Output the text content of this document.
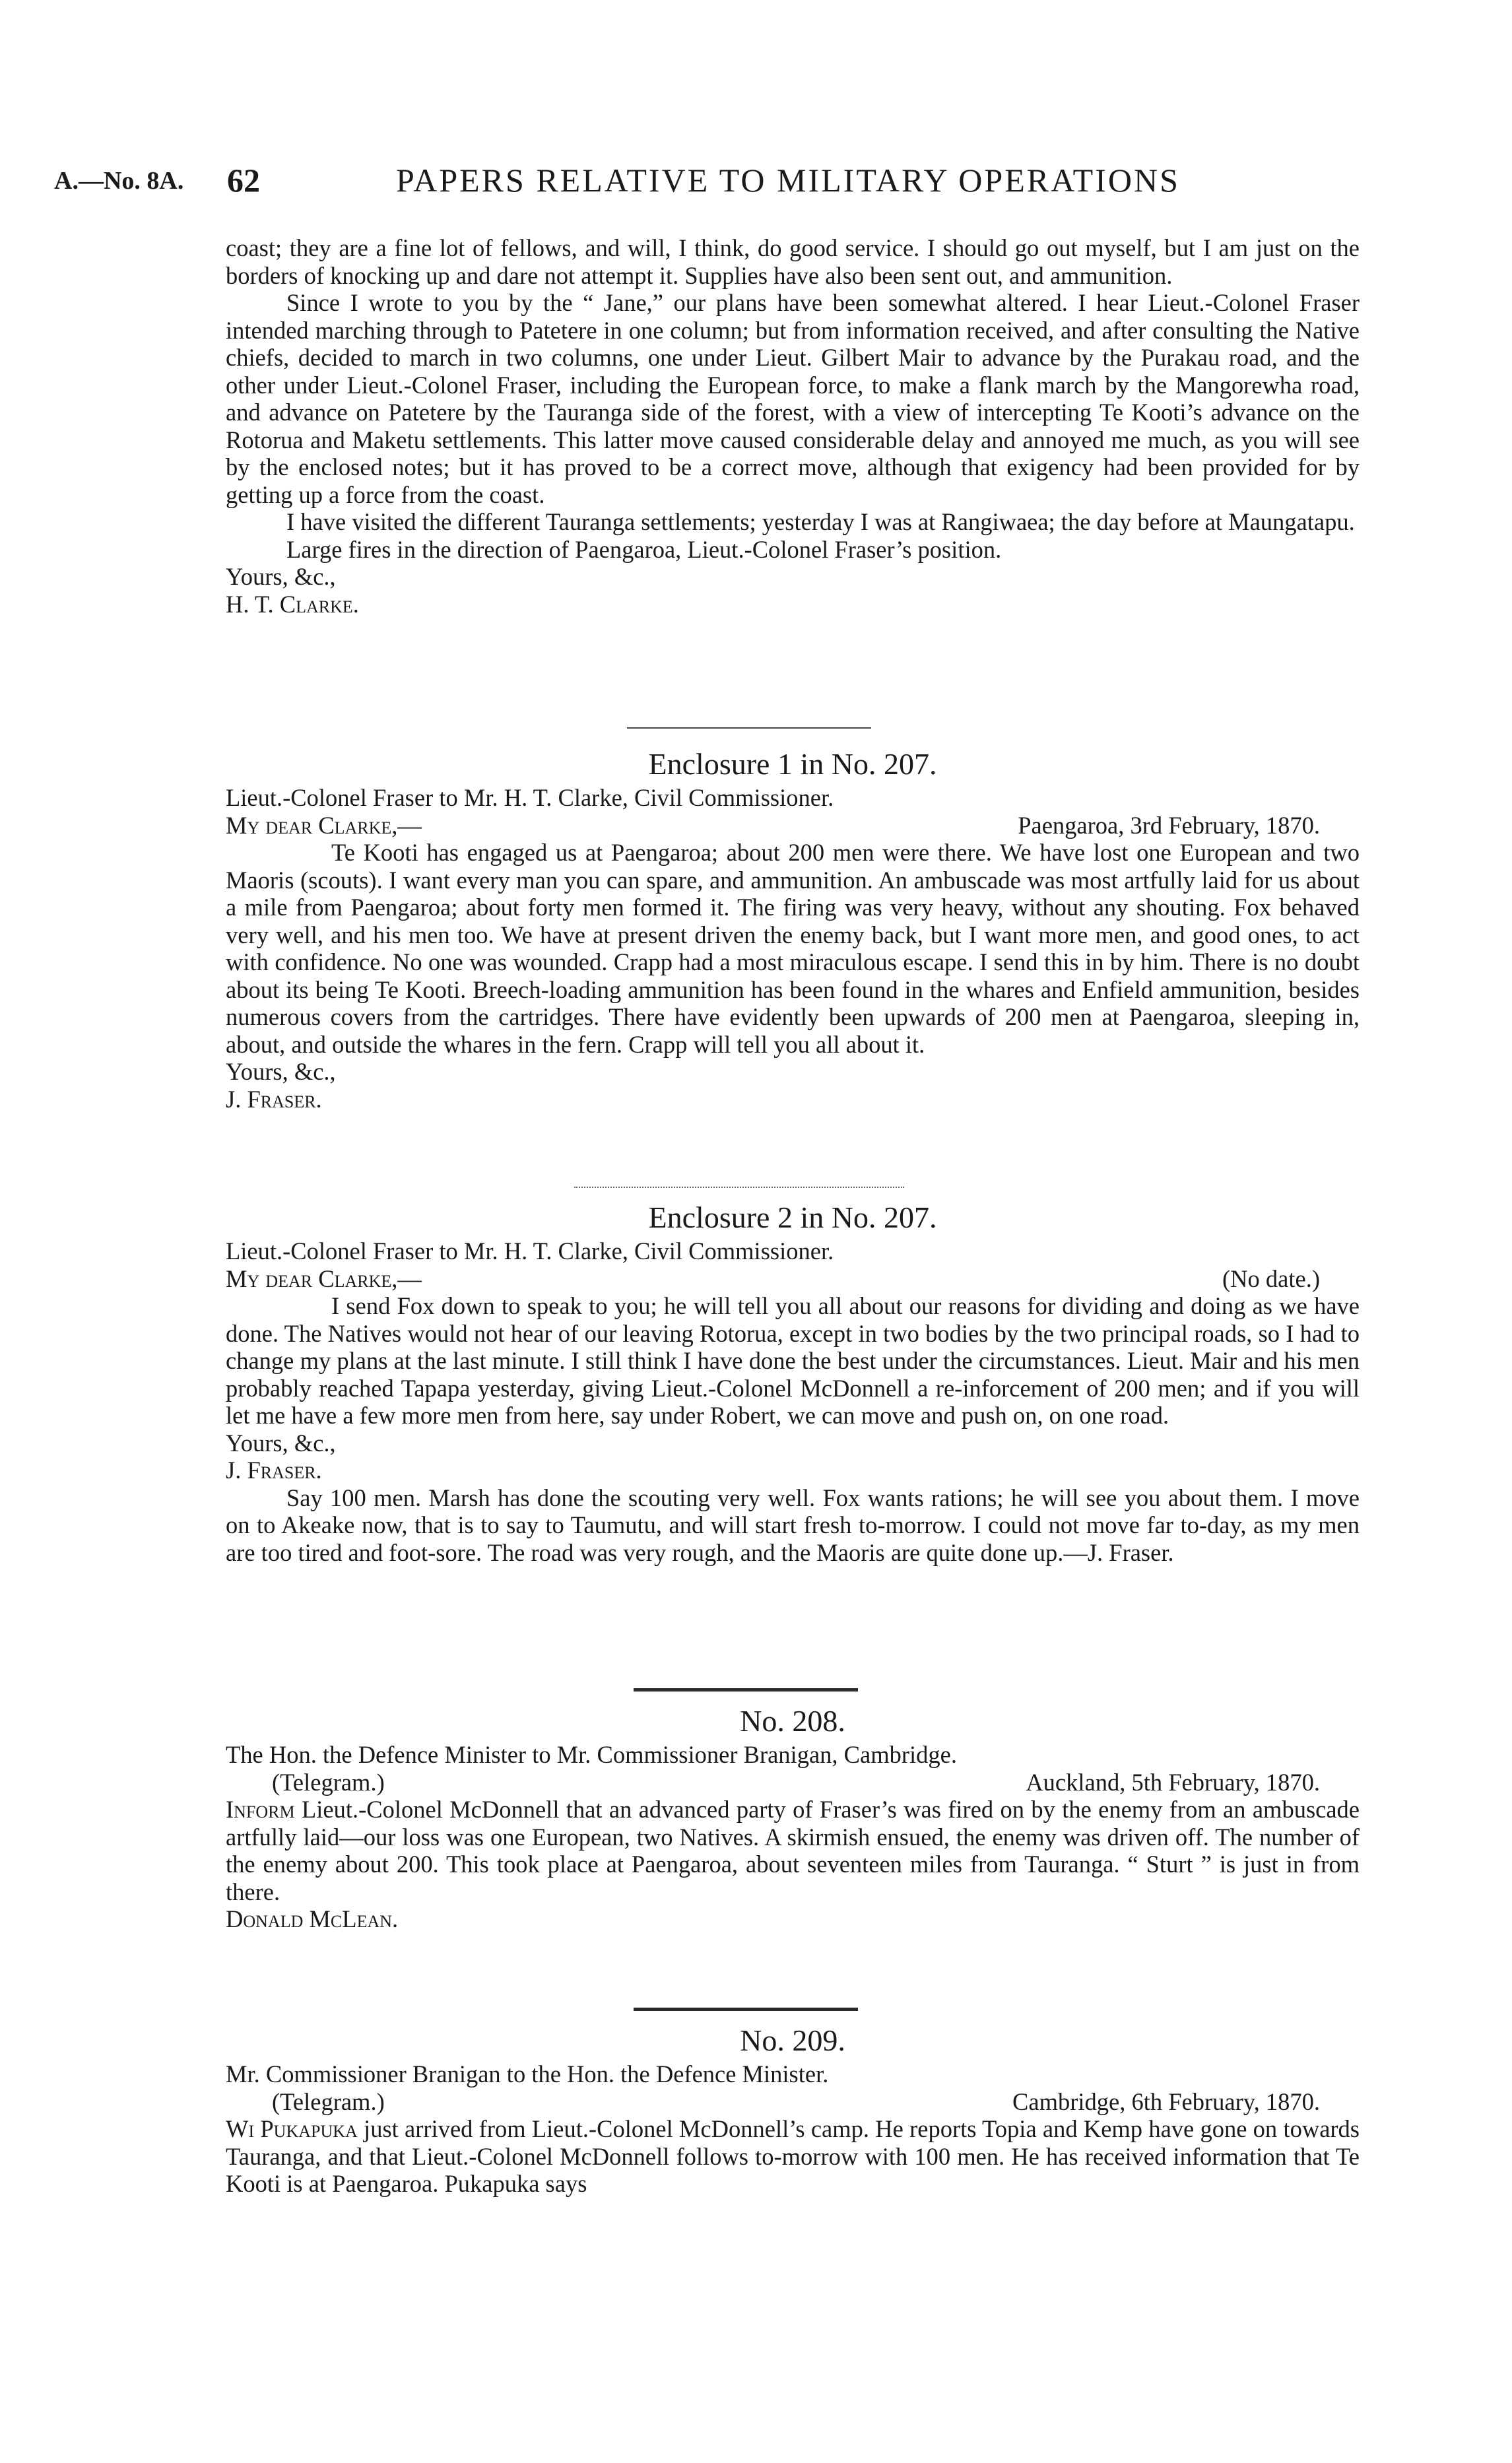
A.—No. 8A. 62	PAPERS RELATIVE TO MILITARY OPERATIONS

coast; they are a fine lot of fellows, and will, I think, do good service. I should go out myself, but I am just on the borders of knocking up and dare not attempt it. Supplies have also been sent out, and ammunition.

Since I wrote to you by the “ Jane,” our plans have been somewhat altered. I hear Lieut.-Colonel Fraser intended marching through to Patetere in one column; but from information received, and after consulting the Native chiefs, decided to march in two columns, one under Lieut. Gilbert Mair to advance by the Purakau road, and the other under Lieut.-Colonel Fraser, including the European force, to make a flank march by the Mangorewha road, and advance on Patetere by the Tauranga side of the forest, with a view of intercepting Te Kooti’s advance on the Rotorua and Maketu settlements. This latter move caused considerable delay and annoyed me much, as you will see by the enclosed notes; but it has proved to be a correct move, although that exigency had been provided for by getting up a force from the coast.

I have visited the different Tauranga settlements; yesterday I was at Rangiwaea; the day before at Maungatapu.

Large fires in the direction of Paengaroa, Lieut.-Colonel Fraser’s position.

Yours, &c.,

H. T. Clarke.

Enclosure 1 in No. 207.

Lieut.-Colonel Fraser to Mr. H. T. Clarke, Civil Commissioner.

My dear Clarke,—	Paengaroa, 3rd February, 1870.

Te Kooti has engaged us at Paengaroa; about 200 men were there. We have lost one European and two Maoris (scouts). I want every man you can spare, and ammunition. An ambuscade was most artfully laid for us about a mile from Paengaroa; about forty men formed it. The firing was very heavy, without any shouting. Fox behaved very well, and his men too. We have at present driven the enemy back, but I want more men, and good ones, to act with confidence. No one was wounded. Crapp had a most miraculous escape. I send this in by him. There is no doubt about its being Te Kooti. Breech-loading ammunition has been found in the whares and Enfield ammunition, besides numerous covers from the cartridges. There have evidently been upwards of 200 men at Paengaroa, sleeping in, about, and outside the whares in the fern. Crapp will tell you all about it.

Yours, &c.,

J. Fraser.

Enclosure 2 in No. 207.

Lieut.-Colonel Fraser to Mr. H. T. Clarke, Civil Commissioner.

My dear Clarke,—	(No date.)

I send Fox down to speak to you; he will tell you all about our reasons for dividing and doing as we have done. The Natives would not hear of our leaving Rotorua, except in two bodies by the two principal roads, so I had to change my plans at the last minute. I still think I have done the best under the circumstances. Lieut. Mair and his men probably reached Tapapa yesterday, giving Lieut.-Colonel McDonnell a re-inforcement of 200 men; and if you will let me have a few more men from here, say under Robert, we can move and push on, on one road.

Yours, &c.,

J. Fraser.

Say 100 men. Marsh has done the scouting very well. Fox wants rations; he will see you about them. I move on to Akeake now, that is to say to Taumutu, and will start fresh to-morrow. I could not move far to-day, as my men are too tired and foot-sore. The road was very rough, and the Maoris are quite done up.—J. Fraser.

No. 208.

The Hon. the Defence Minister to Mr. Commissioner Branigan, Cambridge.

(Telegram.)	Auckland, 5th February, 1870.

Inform Lieut.-Colonel McDonnell that an advanced party of Fraser’s was fired on by the enemy from an ambuscade artfully laid—our loss was one European, two Natives. A skirmish ensued, the enemy was driven off. The number of the enemy about 200. This took place at Paengaroa, about seventeen miles from Tauranga. “ Sturt ” is just in from there.

Donald McLean.

No. 209.

Mr. Commissioner Branigan to the Hon. the Defence Minister.

(Telegram.)	Cambridge, 6th February, 1870.

Wi Pukapuka just arrived from Lieut.-Colonel McDonnell’s camp. He reports Topia and Kemp have gone on towards Tauranga, and that Lieut.-Colonel McDonnell follows to-morrow with 100 men. He has received information that Te Kooti is at Paengaroa. Pukapuka says
